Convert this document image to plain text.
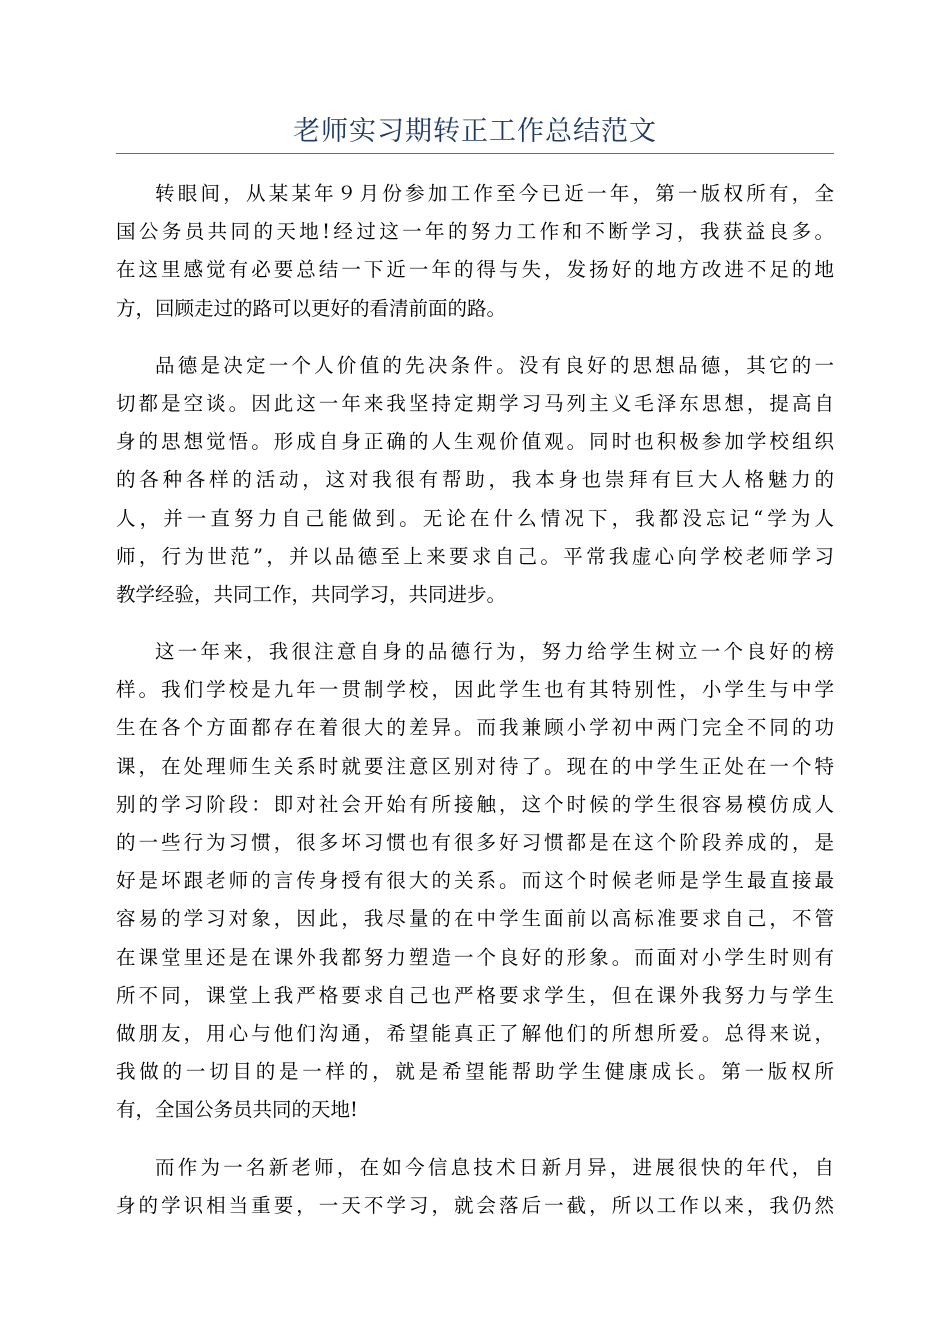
老师实习期转正工作总结范文
转眼间，从某某年９月份参加工作至今已近一年，第一版权所有，全
国公务员共同的天地!经过这一年的努力工作和不断学习，我获益良多。
在这里感觉有必要总结一下近一年的得与失，发扬好的地方改进不足的地
方，回顾走过的路可以更好的看清前面的路。
品德是决定一个人价值的先决条件。没有良好的思想品德，其它的一
切都是空谈。因此这一年来我坚持定期学习马列主义毛泽东思想，提高自
身的思想觉悟。形成自身正确的人生观价值观。同时也积极参加学校组织
的各种各样的活动，这对我很有帮助，我本身也崇拜有巨大人格魅力的
人，并一直努力自己能做到。无论在什么情况下，我都没忘记“学为人
师，行为世范”，并以品德至上来要求自己。平常我虚心向学校老师学习
教学经验，共同工作，共同学习，共同进步。
这一年来，我很注意自身的品德行为，努力给学生树立一个良好的榜
样。我们学校是九年一贯制学校，因此学生也有其特别性，小学生与中学
生在各个方面都存在着很大的差异。而我兼顾小学初中两门完全不同的功
课，在处理师生关系时就要注意区别对待了。现在的中学生正处在一个特
别的学习阶段：即对社会开始有所接触，这个时候的学生很容易模仿成人
的一些行为习惯，很多坏习惯也有很多好习惯都是在这个阶段养成的，是
好是坏跟老师的言传身授有很大的关系。而这个时候老师是学生最直接最
容易的学习对象，因此，我尽量的在中学生面前以高标准要求自己，不管
在课堂里还是在课外我都努力塑造一个良好的形象。而面对小学生时则有
所不同，课堂上我严格要求自己也严格要求学生，但在课外我努力与学生
做朋友，用心与他们沟通，希望能真正了解他们的所想所爱。总得来说，
我做的一切目的是一样的，就是希望能帮助学生健康成长。第一版权所
有，全国公务员共同的天地!
而作为一名新老师，在如今信息技术日新月异，进展很快的年代，自
身的学识相当重要，一天不学习，就会落后一截，所以工作以来，我仍然
